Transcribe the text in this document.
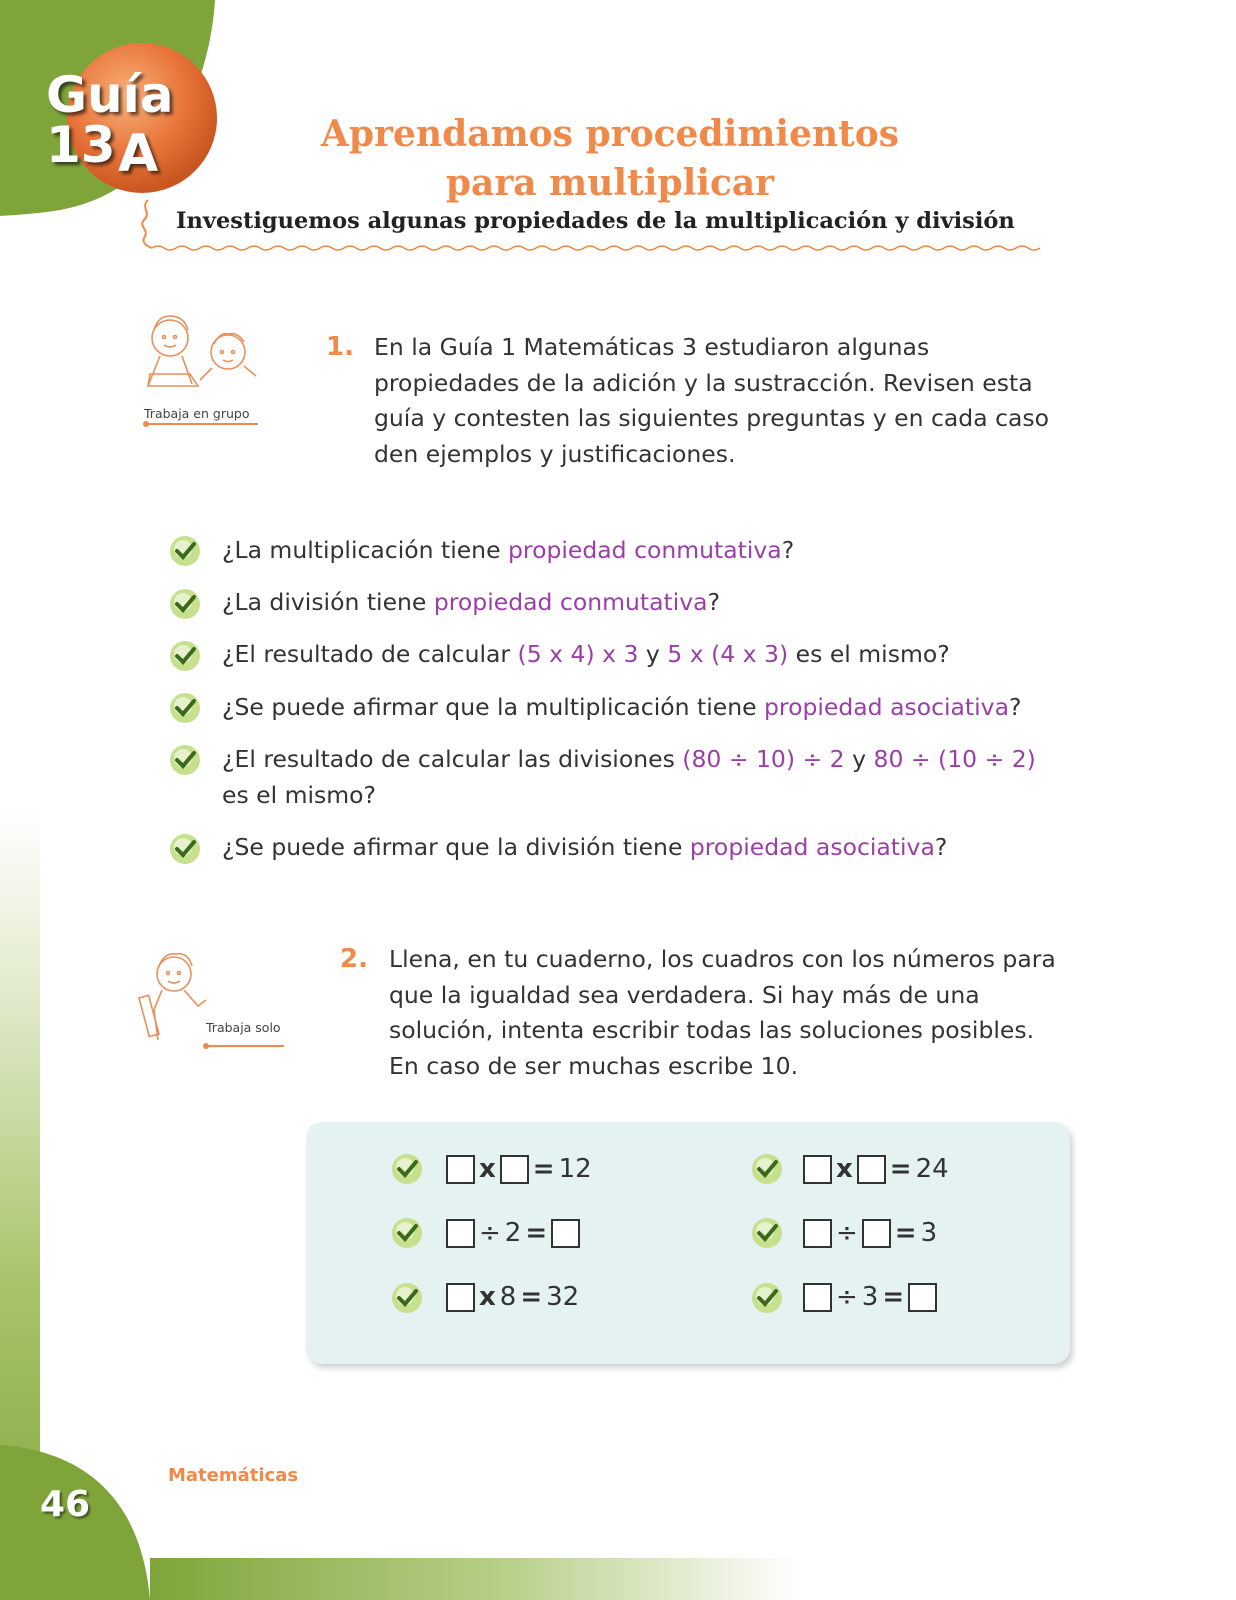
Guía 13 A	Aprendamos procedimientos
para multiplicar
Investiguemos algunas propiedades de la multiplicación y división
Trabaja en grupo
1. En la Guía 1 Matemáticas 3 estudiaron algunas propiedades de la adición y la sustracción. Revisen esta guía y contesten las siguientes preguntas y en cada caso den ejemplos y justificaciones.
¿La multiplicación tiene propiedad conmutativa?
¿La división tiene propiedad conmutativa?
¿El resultado de calcular (5 x 4) x 3 y 5 x (4 x 3) es el mismo?
¿Se puede afirmar que la multiplicación tiene propiedad asociativa?
¿El resultado de calcular las divisiones (80 ÷ 10) ÷ 2 y 80 ÷ (10 ÷ 2)
es el mismo?
¿Se puede afirmar que la división tiene propiedad asociativa?
Trabaja solo
2. Llena, en tu cuaderno, los cuadros con los números para que la igualdad sea verdadera. Si hay más de una solución, intenta escribir todas las soluciones posibles. En caso de ser muchas escribe 10.
x = 12
÷ 2 =
x 8 = 32
x = 24
÷ = 3
÷ 3 =
Matemáticas
46
